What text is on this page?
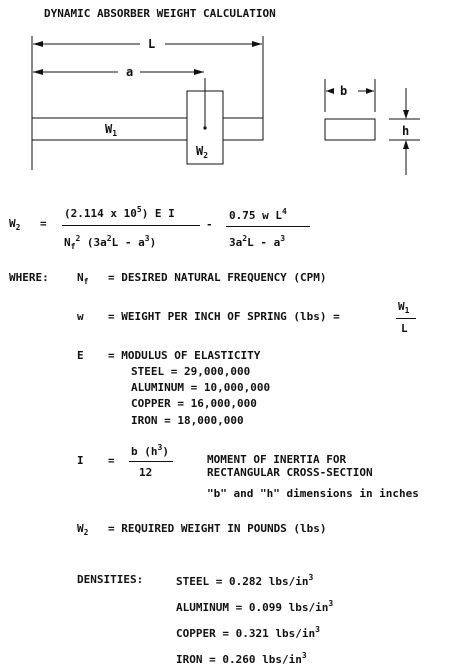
DYNAMIC ABSORBER WEIGHT CALCULATION
L
a
$W_1$
$W_2$
b
h
$W_2$ =
(2.114 x $10^5$) E I
$N_f^2$ $(3a^2L - a^3)$
-
0.75 w $L^4$
$3a^2L - a^3$
WHERE:	$N_f$ = DESIRED NATURAL FREQUENCY (CPM)
w = WEIGHT PER INCH OF SPRING (lbs) =
$W_1$
L
E = MODULUS OF ELASTICITY
STEEL = 29,000,000
ALUMINUM = 10,000,000
COPPER = 16,000,000
IRON = 18,000,000
I =
b $(h^3)$
12
MOMENT OF INERTIA FOR
RECTANGULAR CROSS-SECTION
"b" and "h" dimensions in inches
$W_2$ = REQUIRED WEIGHT IN POUNDS (lbs)
DENSITIES:	STEEL = 0.282 lbs/$in^3$
ALUMINUM = 0.099 lbs/$in^3$
COPPER = 0.321 lbs/$in^3$
IRON = 0.260 lbs/$in^3$
